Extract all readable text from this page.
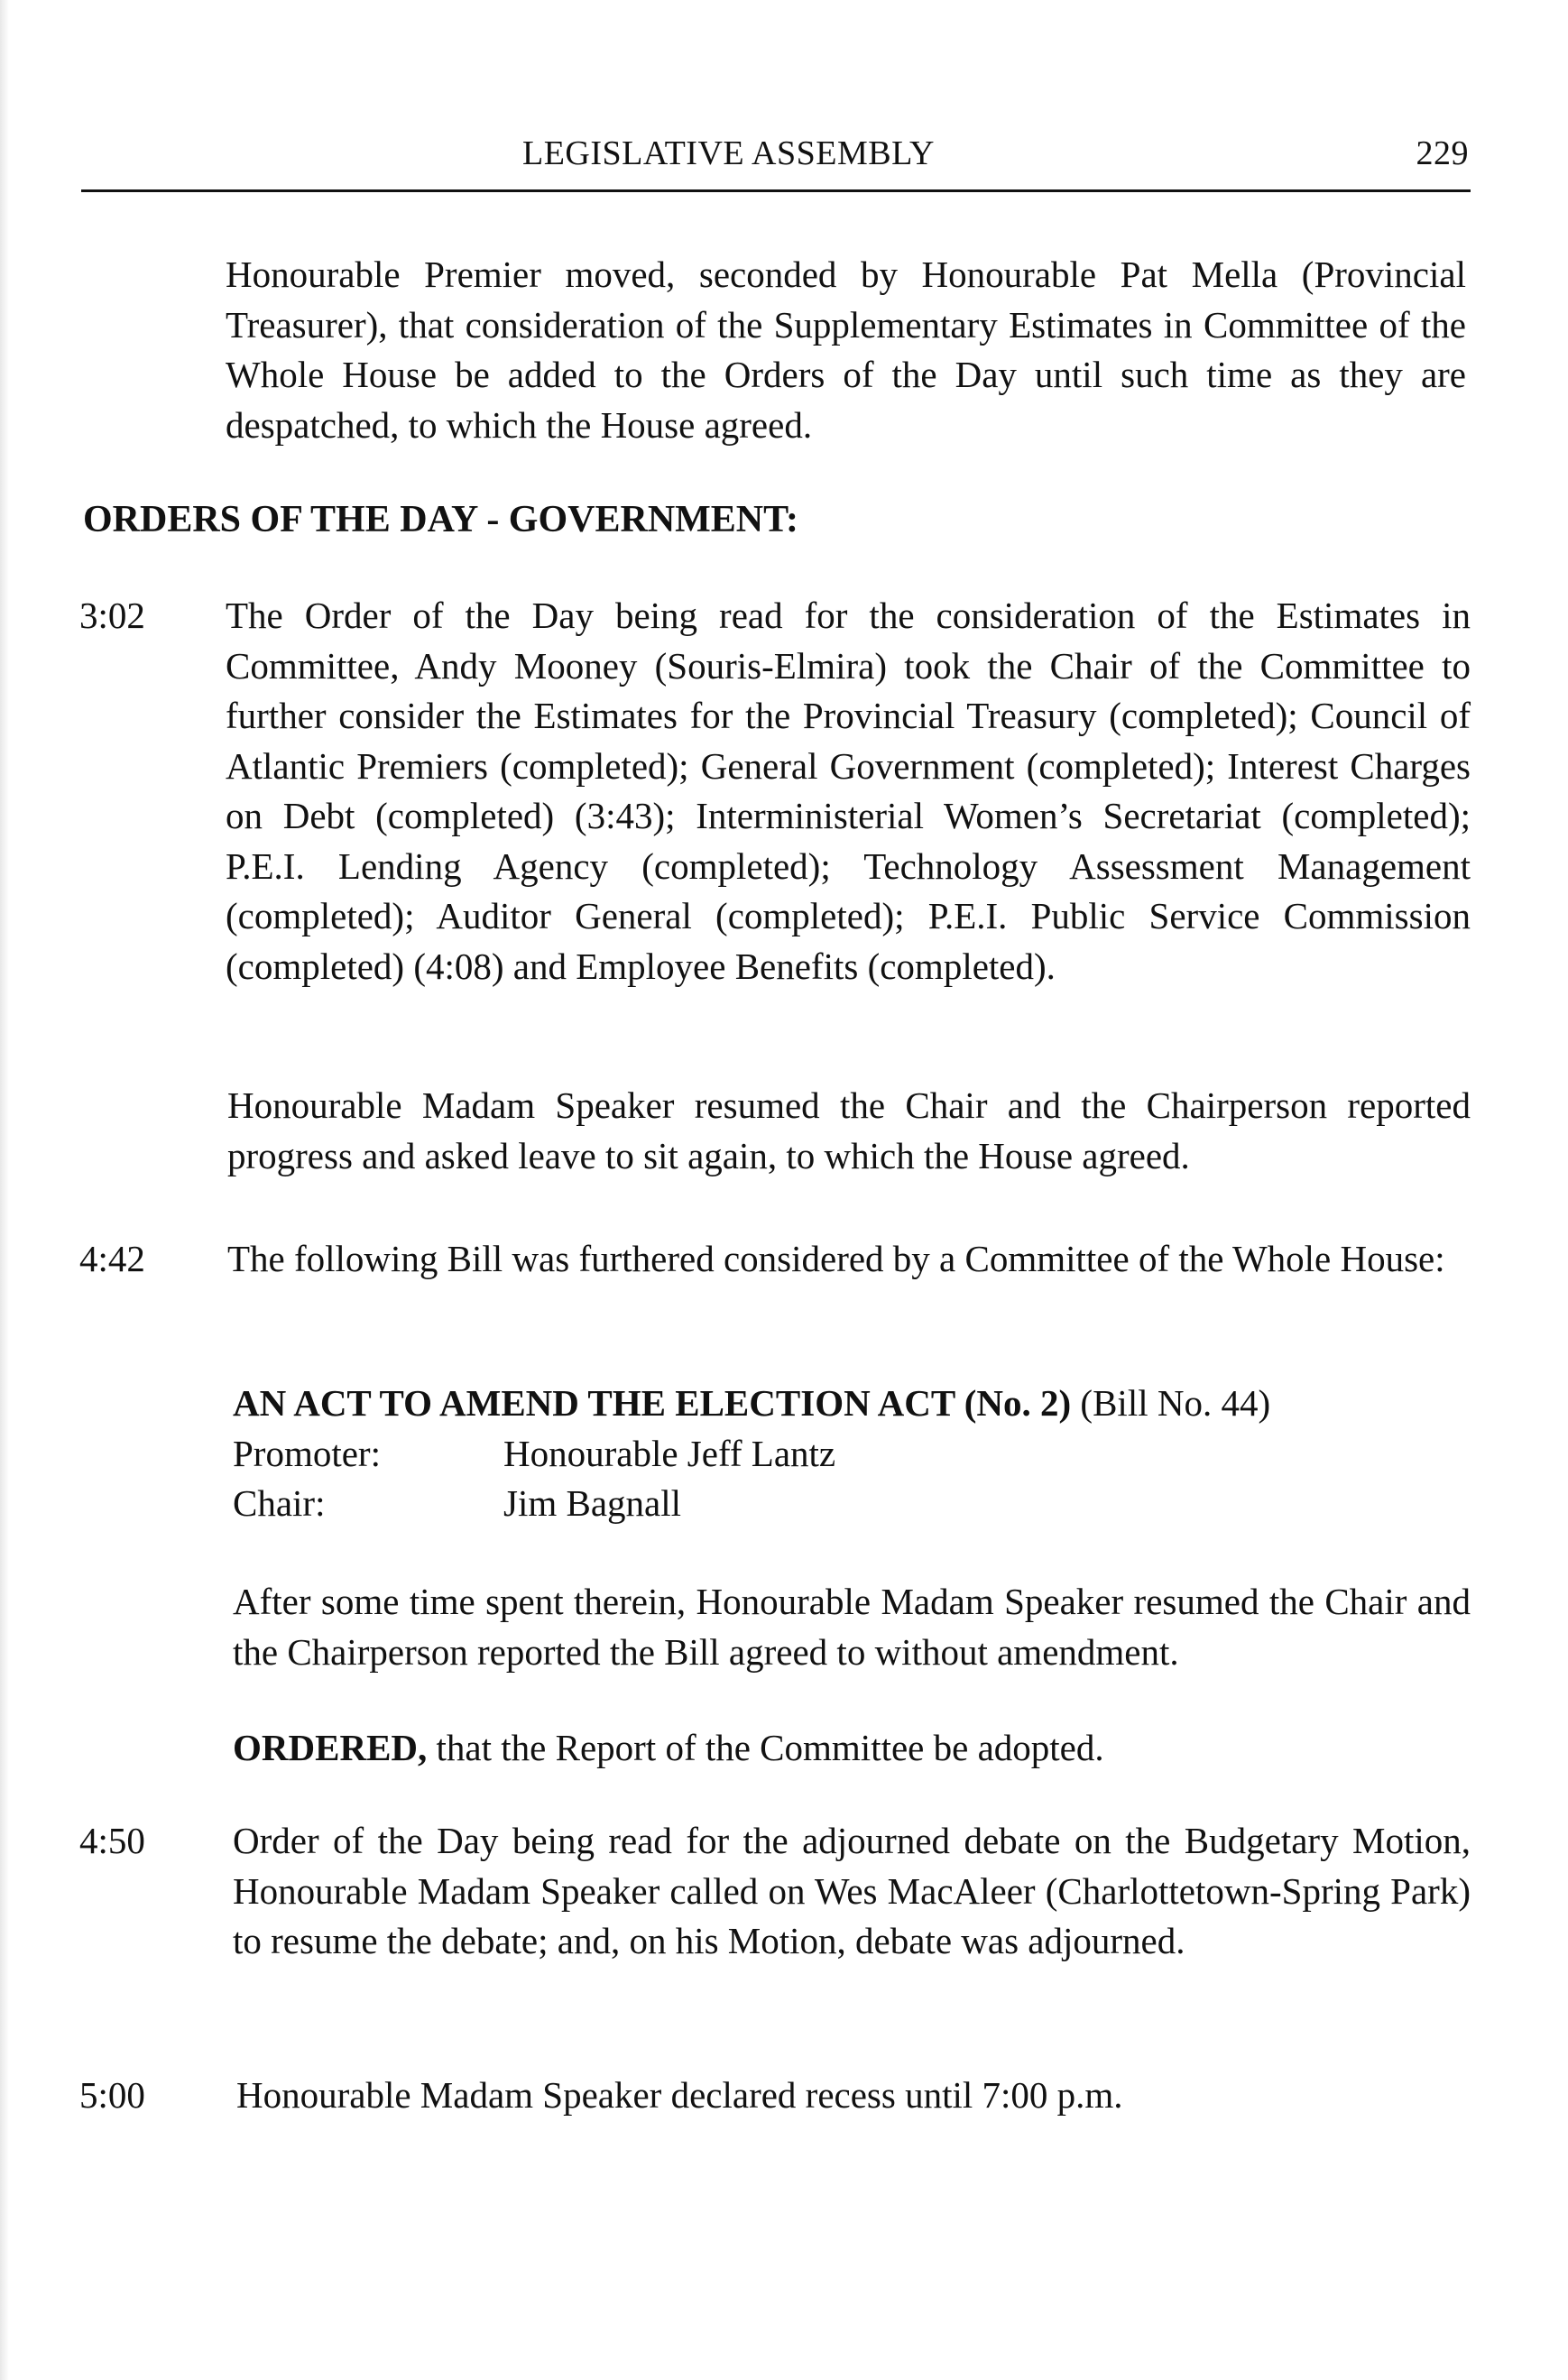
LEGISLATIVE ASSEMBLY	229
Honourable Premier moved, seconded by Honourable Pat Mella (Provincial Treasurer), that consideration of the Supplementary Estimates in Committee of the Whole House be added to the Orders of the Day until such time as they are despatched, to which the House agreed.
ORDERS OF THE DAY - GOVERNMENT:
3:02 The Order of the Day being read for the consideration of the Estimates in Committee, Andy Mooney (Souris-Elmira) took the Chair of the Committee to further consider the Estimates for the Provincial Treasury (completed); Council of Atlantic Premiers (completed); General Government (completed); Interest Charges on Debt (completed) (3:43); Interministerial Women’s Secretariat (completed); P.E.I. Lending Agency (completed); Technology Assessment Management (completed); Auditor General (completed); P.E.I. Public Service Commission (completed) (4:08) and Employee Benefits (completed).
Honourable Madam Speaker resumed the Chair and the Chairperson reported progress and asked leave to sit again, to which the House agreed.
4:42 The following Bill was furthered considered by a Committee of the Whole House:
AN ACT TO AMEND THE ELECTION ACT (No. 2) (Bill No. 44)
Promoter:	Honourable Jeff Lantz
Chair:	Jim Bagnall
After some time spent therein, Honourable Madam Speaker resumed the Chair and the Chairperson reported the Bill agreed to without amendment.
ORDERED, that the Report of the Committee be adopted.
4:50 Order of the Day being read for the adjourned debate on the Budgetary Motion, Honourable Madam Speaker called on Wes MacAleer (Charlottetown-Spring Park) to resume the debate; and, on his Motion, debate was adjourned.
5:00 Honourable Madam Speaker declared recess until 7:00 p.m.
